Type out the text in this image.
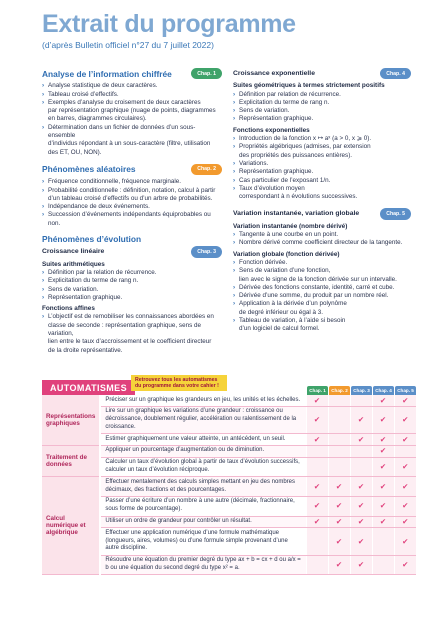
Extrait du programme
(d’après Bulletin officiel n°27 du 7 juillet 2022)
Analyse de l’information chiffrée	Chap. 1
› Analyse statistique de deux caractères.
› Tableau croisé d’effectifs.
› Exemples d’analyse du croisement de deux caractères
par représentation graphique (nuage de points, diagrammes
en barres, diagrammes circulaires).
› Détermination dans un fichier de données d’un sous-ensemble
d’individus répondant à un sous-caractère (filtre, utilisation
des ET, OU, NON).
Phénomènes aléatoires	Chap. 2
› Fréquence conditionnelle, fréquence marginale.
› Probabilité conditionnelle : définition, notation, calcul à partir
d’un tableau croisé d’effectifs ou d’un arbre de probabilités.
› Indépendance de deux événements.
› Succession d’événements indépendants équiprobables ou non.
Phénomènes d’évolution
Croissance linéaire	Chap. 3
Suites arithmétiques
› Définition par la relation de récurrence.
› Explicitation du terme de rang n.
› Sens de variation.
› Représentation graphique.
Fonctions affines
› L’objectif est de remobiliser les connaissances abordées en
classe de seconde : représentation graphique, sens de variation,
lien entre le taux d’accroissement et le coefficient directeur
de la droite représentative.
Croissance exponentielle	Chap. 4
Suites géométriques à termes strictement positifs
› Définition par relation de récurrence.
› Explicitation du terme de rang n.
› Sens de variation.
› Représentation graphique.
Fonctions exponentielles
› Introduction de la fonction x ↦ aˣ (a > 0, x ⩾ 0).
› Propriétés algébriques (admises, par extension
des propriétés des puissances entières).
› Variations.
› Représentation graphique.
› Cas particulier de l’exposant 1/n.
› Taux d’évolution moyen
correspondant à n évolutions successives.
Variation instantanée, variation globale	Chap. 5
Variation instantanée (nombre dérivé)
› Tangente à une courbe en un point.
› Nombre dérivé comme coefficient directeur de la tangente.
Variation globale (fonction dérivée)
› Fonction dérivée.
› Sens de variation d’une fonction,
lien avec le signe de la fonction dérivée sur un intervalle.
› Dérivée des fonctions constante, identité, carré et cube.
› Dérivée d’une somme, du produit par un nombre réel.
› Application à la dérivée d’un polynôme
de degré inférieur ou égal à 3.
› Tableau de variation, à l’aide si besoin
d’un logiciel de calcul formel.
AUTOMATISMES
Retrouvez tous les automatismes du programme dans votre cahier !
Chap. 1	Chap. 2	Chap. 3	Chap. 4	Chap. 5
Représentations graphiques	Préciser sur un graphique les grandeurs en jeu, les unités et les échelles.	✔			✔	✔
	Lire sur un graphique les variations d’une grandeur : croissance ou décroissance, doublement régulier, accélération ou ralentissement de la croissance.	✔		✔	✔	✔
	Estimer graphiquement une valeur atteinte, un antécédent, un seuil.	✔		✔	✔	✔
Traitement de données	Appliquer un pourcentage d’augmentation ou de diminution.				✔	
	Calculer un taux d’évolution global à partir de taux d’évolution successifs, calculer un taux d’évolution réciproque.				✔	✔
Calcul numérique et algébrique	Effectuer mentalement des calculs simples mettant en jeu des nombres décimaux, des fractions et des pourcentages.	✔	✔	✔	✔	✔
	Passer d’une écriture d’un nombre à une autre (décimale, fractionnaire, sous forme de pourcentage).	✔	✔	✔	✔	✔
	Utiliser un ordre de grandeur pour contrôler un résultat.	✔	✔	✔	✔	✔
	Effectuer une application numérique d’une formule mathématique (longueurs, aires, volumes) ou d’une formule simple provenant d’une autre discipline.		✔	✔		✔
	Résoudre une équation du premier degré du type ax + b = cx + d ou a/x = b ou une équation du second degré du type x² = a.		✔	✔		✔
